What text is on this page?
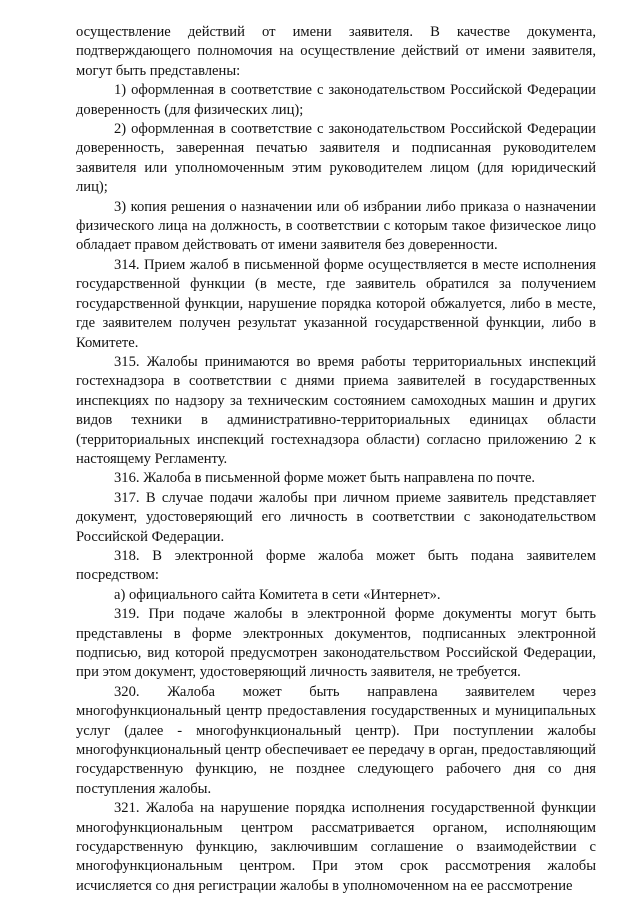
осуществление действий от имени заявителя. В качестве документа, подтверждающего полномочия на осуществление действий от имени заявителя, могут быть представлены:

1) оформленная в соответствие с законодательством Российской Федерации доверенность (для физических лиц);

2) оформленная в соответствие с законодательством Российской Федерации доверенность, заверенная печатью заявителя и подписанная руководителем заявителя или уполномоченным этим руководителем лицом (для юридический лиц);

3) копия решения о назначении или об избрании либо приказа о назначении физического лица на должность, в соответствии с которым такое физическое лицо обладает правом действовать от имени заявителя без доверенности.

314. Прием жалоб в письменной форме осуществляется в месте исполнения государственной функции (в месте, где заявитель обратился за получением государственной функции, нарушение порядка которой обжалуется, либо в месте, где заявителем получен результат указанной государственной функции, либо в Комитете.

315. Жалобы принимаются во время работы территориальных инспекций гостехнадзора в соответствии с днями приема заявителей в государственных инспекциях по надзору за техническим состоянием самоходных машин и других видов техники в административно-территориальных единицах области (территориальных инспекций гостехнадзора области) согласно приложению 2 к настоящему Регламенту.

316. Жалоба в письменной форме может быть направлена по почте.

317. В случае подачи жалобы при личном приеме заявитель представляет документ, удостоверяющий его личность в соответствии с законодательством Российской Федерации.

318. В электронной форме жалоба может быть подана заявителем посредством:

а) официального сайта Комитета в сети «Интернет».

319. При подаче жалобы в электронной форме документы могут быть представлены в форме электронных документов, подписанных электронной подписью, вид которой предусмотрен законодательством Российской Федерации, при этом документ, удостоверяющий личность заявителя, не требуется.

320. Жалоба может быть направлена заявителем через многофункциональный центр предоставления государственных и муниципальных услуг (далее - многофункциональный центр). При поступлении жалобы многофункциональный центр обеспечивает ее передачу в орган, предоставляющий государственную функцию, не позднее следующего рабочего дня со дня поступления жалобы.

321. Жалоба на нарушение порядка исполнения государственной функции многофункциональным центром рассматривается органом, исполняющим государственную функцию, заключившим соглашение о взаимодействии с многофункциональным центром. При этом срок рассмотрения жалобы исчисляется со дня регистрации жалобы в уполномоченном на ее рассмотрение
